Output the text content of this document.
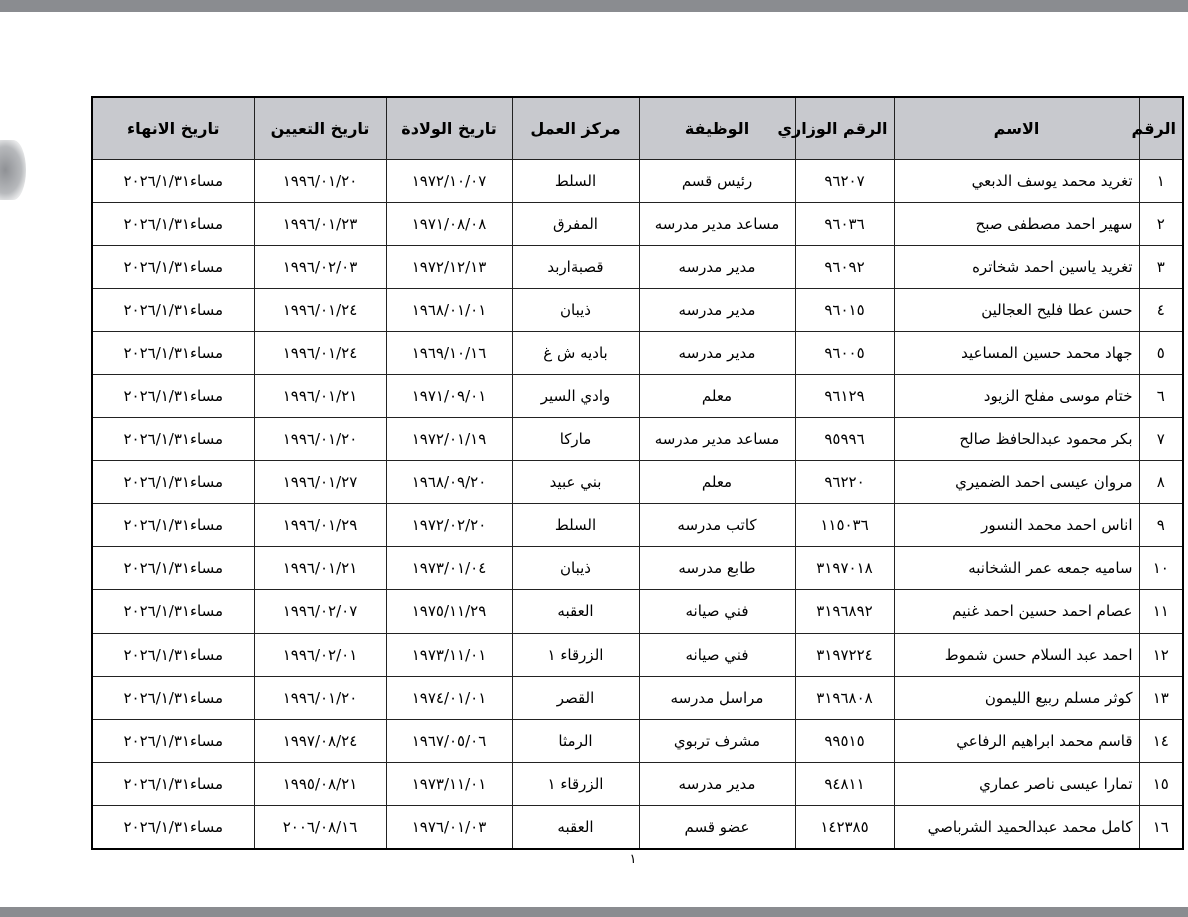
الرقم	الاسم	الرقم الوزاري	الوظيفة	مركز العمل	تاريخ الولادة	تاريخ التعيين	تاريخ الانهاء
١	تغريد محمد يوسف الدبعي	٩٦٢٠٧	رئيس قسم	السلط	١٩٧٢/١٠/٠٧	١٩٩٦/٠١/٢٠	مساء٢٠٢٦/١/٣١
٢	سهير احمد مصطفى صبح	٩٦٠٣٦	مساعد مدير مدرسه	المفرق	١٩٧١/٠٨/٠٨	١٩٩٦/٠١/٢٣	مساء٢٠٢٦/١/٣١
٣	تغريد ياسين احمد شخاتره	٩٦٠٩٢	مدير مدرسه	قصبةاربد	١٩٧٢/١٢/١٣	١٩٩٦/٠٢/٠٣	مساء٢٠٢٦/١/٣١
٤	حسن عطا فليح العجالين	٩٦٠١٥	مدير مدرسه	ذيبان	١٩٦٨/٠١/٠١	١٩٩٦/٠١/٢٤	مساء٢٠٢٦/١/٣١
٥	جهاد محمد حسين المساعيد	٩٦٠٠٥	مدير مدرسه	باديه ش غ	١٩٦٩/١٠/١٦	١٩٩٦/٠١/٢٤	مساء٢٠٢٦/١/٣١
٦	ختام موسى مفلح الزيود	٩٦١٢٩	معلم	وادي السير	١٩٧١/٠٩/٠١	١٩٩٦/٠١/٢١	مساء٢٠٢٦/١/٣١
٧	بكر محمود عبدالحافظ صالح	٩٥٩٩٦	مساعد مدير مدرسه	ماركا	١٩٧٢/٠١/١٩	١٩٩٦/٠١/٢٠	مساء٢٠٢٦/١/٣١
٨	مروان عيسى احمد الضميري	٩٦٢٢٠	معلم	بني عبيد	١٩٦٨/٠٩/٢٠	١٩٩٦/٠١/٢٧	مساء٢٠٢٦/١/٣١
٩	اناس احمد محمد النسور	١١٥٠٣٦	كاتب مدرسه	السلط	١٩٧٢/٠٢/٢٠	١٩٩٦/٠١/٢٩	مساء٢٠٢٦/١/٣١
١٠	ساميه جمعه عمر الشخانبه	٣١٩٧٠١٨	طابع مدرسه	ذيبان	١٩٧٣/٠١/٠٤	١٩٩٦/٠١/٢١	مساء٢٠٢٦/١/٣١
١١	عصام احمد حسين احمد غنيم	٣١٩٦٨٩٢	فني صيانه	العقبه	١٩٧٥/١١/٢٩	١٩٩٦/٠٢/٠٧	مساء٢٠٢٦/١/٣١
١٢	احمد عبد السلام حسن شموط	٣١٩٧٢٢٤	فني صيانه	الزرقاء ١	١٩٧٣/١١/٠١	١٩٩٦/٠٢/٠١	مساء٢٠٢٦/١/٣١
١٣	كوثر مسلم ربيع الليمون	٣١٩٦٨٠٨	مراسل مدرسه	القصر	١٩٧٤/٠١/٠١	١٩٩٦/٠١/٢٠	مساء٢٠٢٦/١/٣١
١٤	قاسم محمد ابراهيم الرفاعي	٩٩٥١٥	مشرف تربوي	الرمثا	١٩٦٧/٠٥/٠٦	١٩٩٧/٠٨/٢٤	مساء٢٠٢٦/١/٣١
١٥	تمارا عيسى ناصر عماري	٩٤٨١١	مدير مدرسه	الزرقاء ١	١٩٧٣/١١/٠١	١٩٩٥/٠٨/٢١	مساء٢٠٢٦/١/٣١
١٦	كامل محمد عبدالحميد الشرباصي	١٤٢٣٨٥	عضو قسم	العقبه	١٩٧٦/٠١/٠٣	٢٠٠٦/٠٨/١٦	مساء٢٠٢٦/١/٣١
١
